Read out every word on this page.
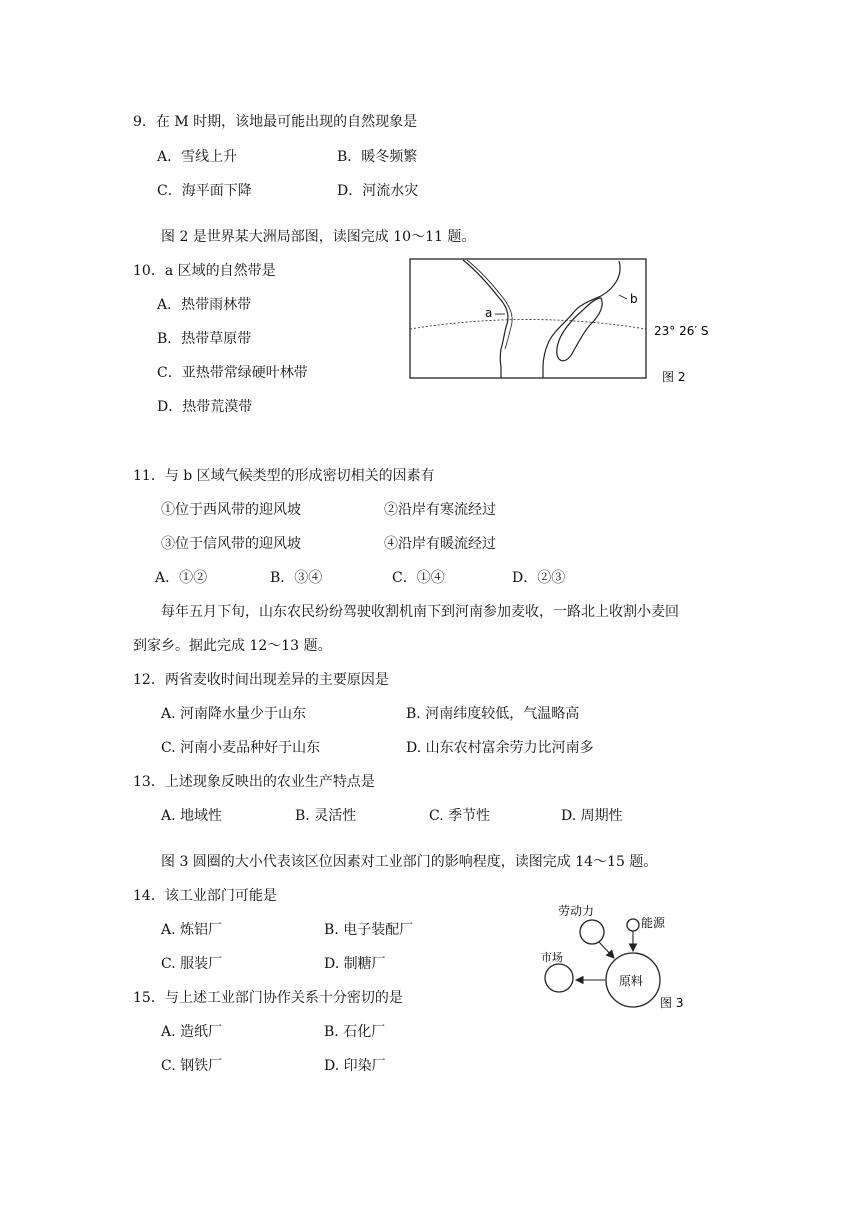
9．在 M 时期，该地最可能出现的自然现象是
A．雪线上升	B．暖冬频繁
C．海平面下降	D．河流水灾
图 2 是世界某大洲局部图，读图完成 10～11 题。
10．a 区域的自然带是
A．热带雨林带
B．热带草原带
C．亚热带常绿硬叶林带
D．热带荒漠带
a
b
23° 26′ S
图 2
11．与 b 区域气候类型的形成密切相关的因素有
①位于西风带的迎风坡	②沿岸有寒流经过
③位于信风带的迎风坡	④沿岸有暖流经过
A．①②	B．③④	C．①④	D．②③
每年五月下旬，山东农民纷纷驾驶收割机南下到河南参加麦收，一路北上收割小麦回
到家乡。据此完成 12～13 题。
12．两省麦收时间出现差异的主要原因是
A. 河南降水量少于山东	B. 河南纬度较低，气温略高
C. 河南小麦品种好于山东	D. 山东农村富余劳力比河南多
13．上述现象反映出的农业生产特点是
A. 地域性	B. 灵活性	C. 季节性	D. 周期性
图 3 圆圈的大小代表该区位因素对工业部门的影响程度，读图完成 14～15 题。
14．该工业部门可能是
A. 炼铝厂	B. 电子装配厂
C. 服装厂	D. 制糖厂
劳动力
能源
市场
原料
图 3
15．与上述工业部门协作关系十分密切的是
A. 造纸厂	B. 石化厂
C. 钢铁厂	D. 印染厂
